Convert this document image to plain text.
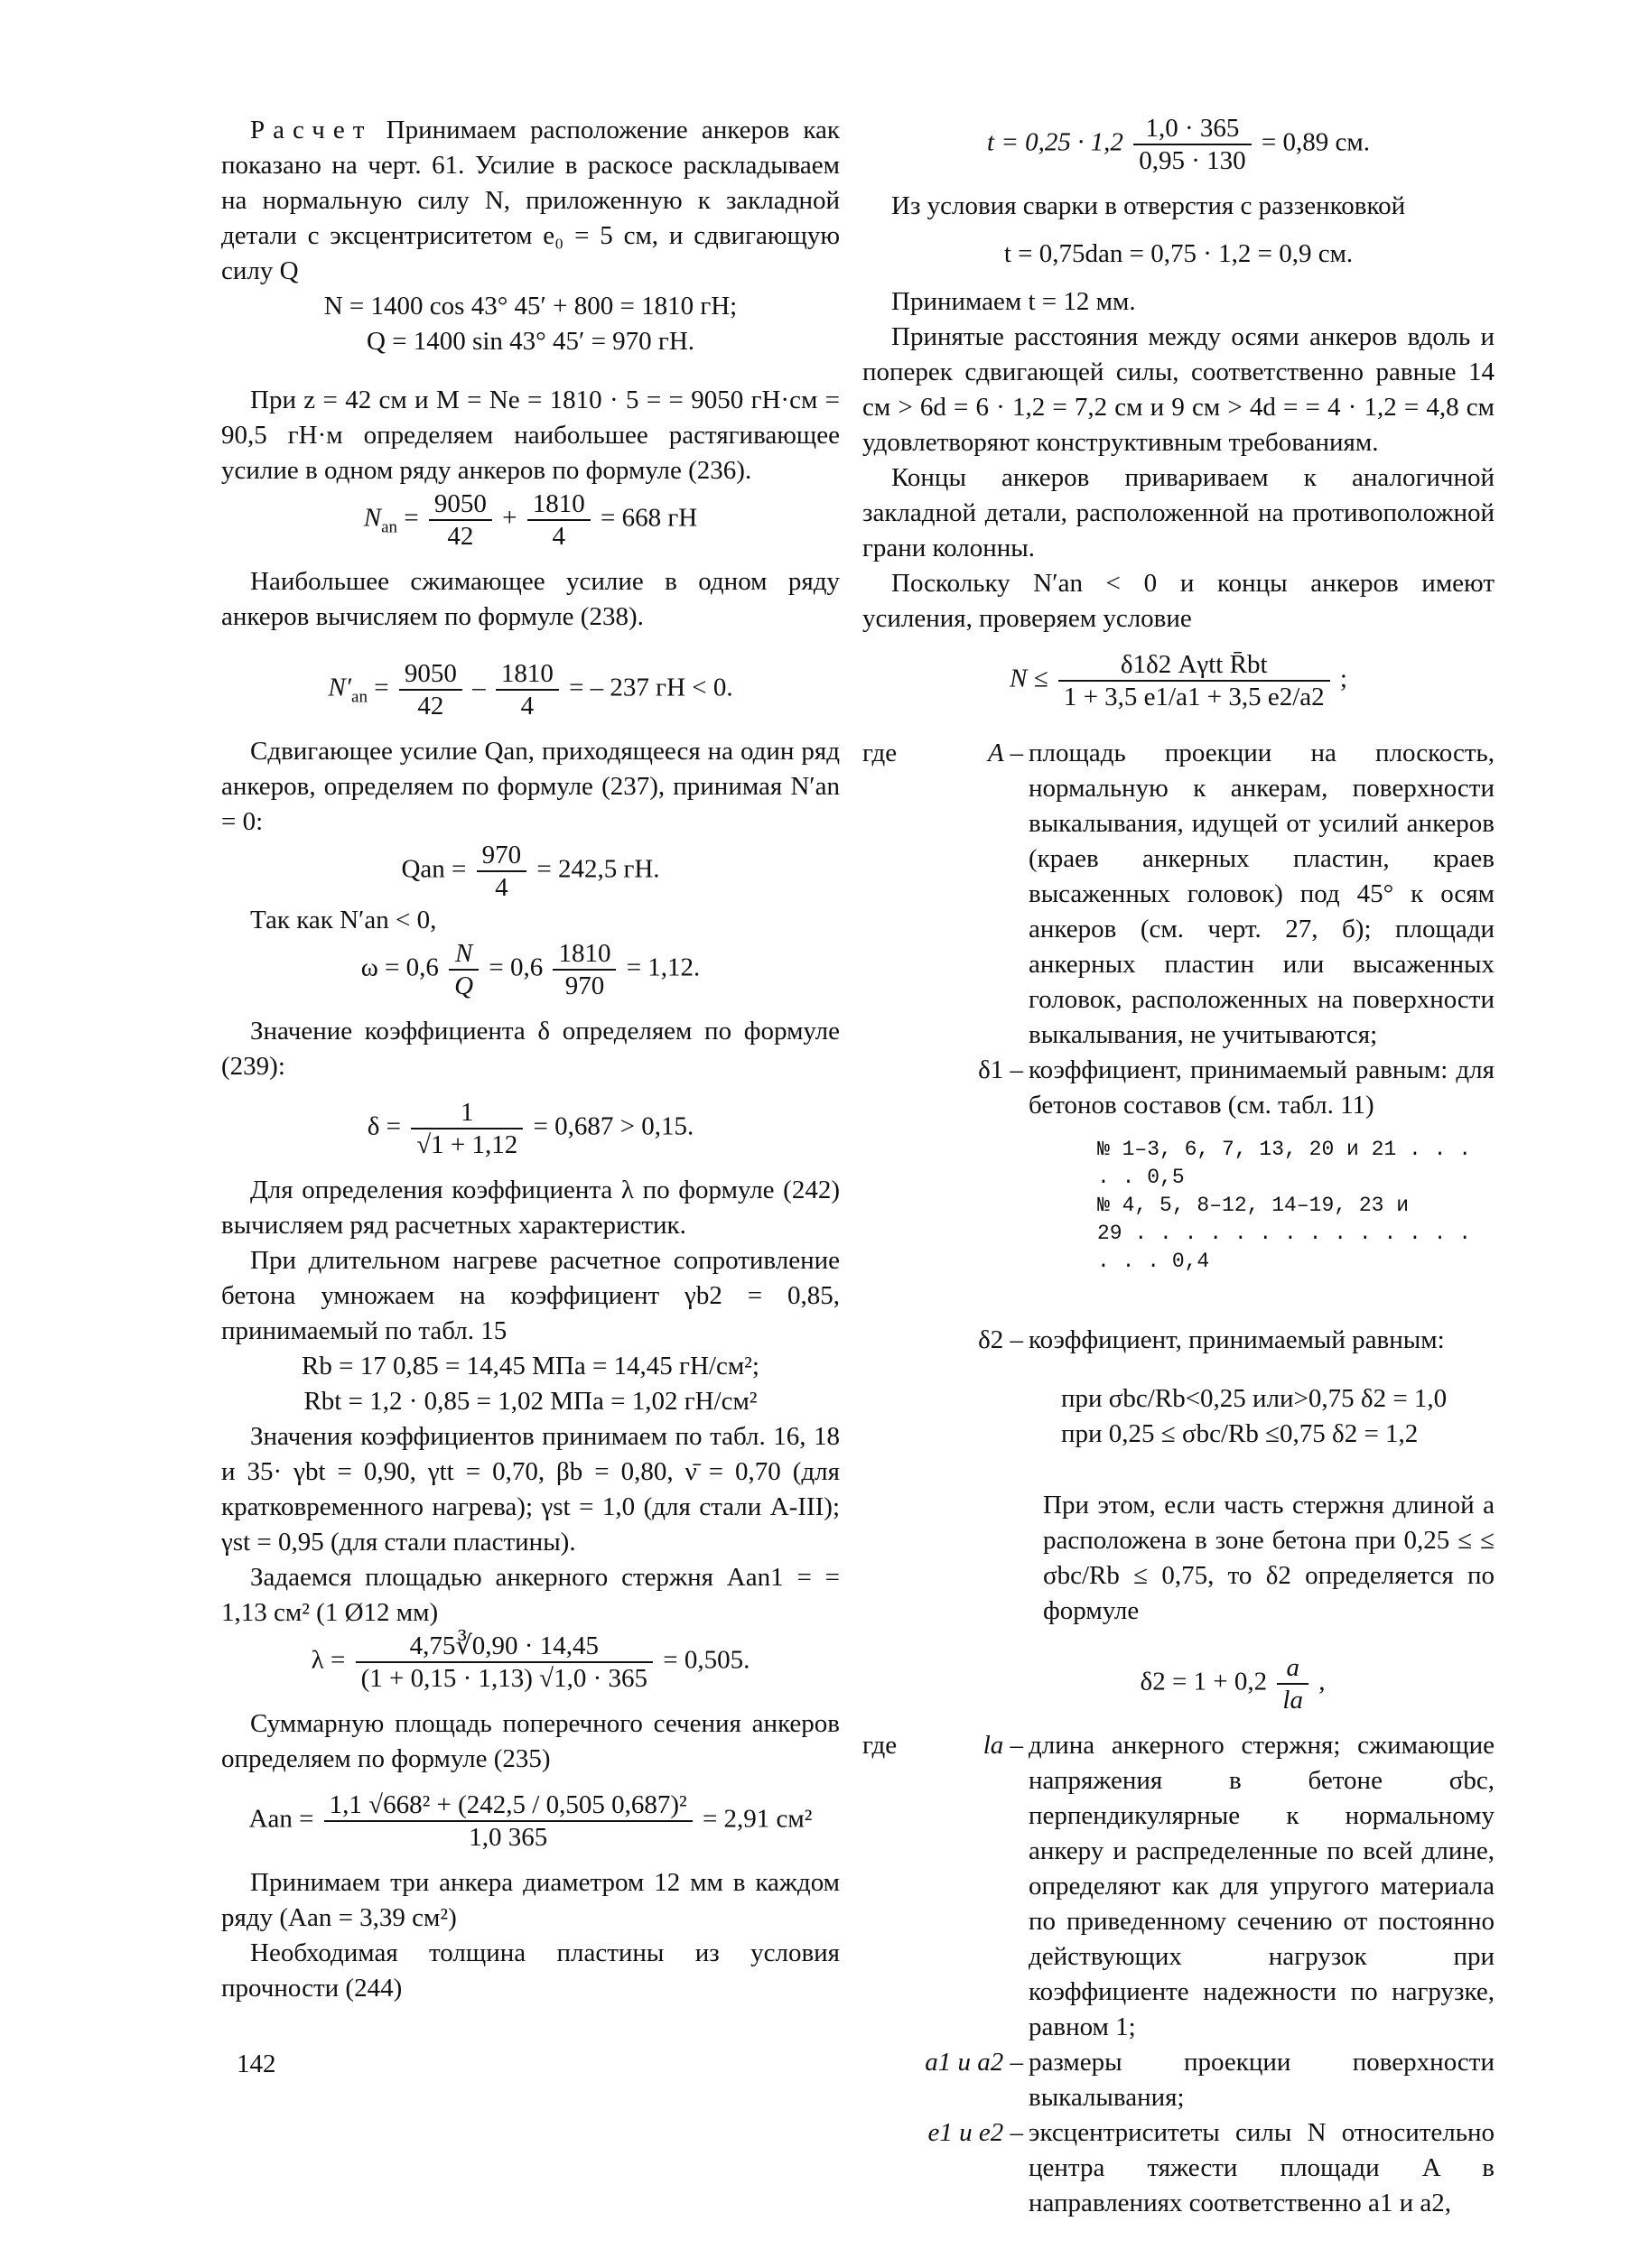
Расчет Принимаем расположение анкеров как показано на черт. 61. Усилие в раскосе раскладываем на нормальную силу N, приложенную к закладной детали с эксцентриситетом e₀ = 5 см, и сдвигающую силу Q

N = 1400 cos 43° 45′ + 800 = 1810 гН;
Q = 1400 sin 43° 45′ = 970 гН.

При z = 42 см и M = Ne = 1810 · 5 = = 9050 гН·см = 90,5 гН·м определяем наибольшее растягивающее усилие в одном ряду анкеров по формуле (236).

$N_{an} = \frac{9050}{42} + \frac{1810}{4} = 668$ гН

Наибольшее сжимающее усилие в одном ряду анкеров вычисляем по формуле (238).

$N'_{an} = \frac{9050}{42} - \frac{1810}{4}$ = – 237 гН < 0.

Сдвигающее усилие Qan, приходящееся на один ряд анкеров, определяем по формуле (237), принимая N′an = 0:

Qan = $\frac{970}{4} = 242,5$ гН.

Так как N′an < 0,

$\omega = 0,6 \frac{N}{Q} = 0,6 \frac{1810}{970} = 1,12$.

Значение коэффициента δ определяем по формуле (239):

$\delta = \frac{1}{√1 + 1,12} = 0,687 > 0,15$.

Для определения коэффициента λ по формуле (242) вычисляем ряд расчетных характеристик.

При длительном нагреве расчетное сопротивление бетона умножаем на коэффициент γb2 = 0,85, принимаемый по табл. 15

Rb = 17 0,85 = 14,45 МПа = 14,45 гН/см²;
Rbt = 1,2 · 0,85 = 1,02 МПа = 1,02 гН/см²

Значения коэффициентов принимаем по табл. 16, 18 и 35· γbt = 0,90, γtt = 0,70, βb = 0,80, ν̄ = 0,70 (для кратковременного нагрева); γst = 1,0 (для стали А-III); γst = 0,95 (для стали пластины).

Задаемся площадью анкерного стержня Aan1 = = 1,13 см² (1 Ø12 мм)

$\lambda = \frac{4,75∛0,90 \cdot 14,45}{(1 + 0,15 \cdot 1,13) √1,0 \cdot 365} = 0,505$.

Суммарную площадь поперечного сечения анкеров определяем по формуле (235)

Aan = $\frac{\text{1,1 √668² + (242,5 / 0,505 0,687)²}}{1,0 365} = 2,91$ см²

Принимаем три анкера диаметром 12 мм в каждом ряду (Aan = 3,39 см²)

Необходимая толщина пластины из условия прочности (244)

$t = 0,25 \cdot 1,2 \frac{1,0 \cdot 365}{0,95 \cdot 130} = 0,89$ см.

Из условия сварки в отверстия с раззенковкой

t = 0,75dan = 0,75 · 1,2 = 0,9 см.

Принимаем t = 12 мм.

Принятые расстояния между осями анкеров вдоль и поперек сдвигающей силы, соответственно равные 14 см > 6d = 6 · 1,2 = 7,2 см и 9 см > 4d = = 4 · 1,2 = 4,8 см удовлетворяют конструктивным требованиям.

Концы анкеров привариваем к аналогичной закладной детали, расположенной на противоположной грани колонны.

Поскольку N′an < 0 и концы анкеров имеют усиления, проверяем условие

$N \le \frac{\text{δ1δ2 Aγtt R̄bt}}{1 + 3,5 e1/a1 + 3,5 e2/a2}$ ;
где	A – площадь проекции на плоскость, нормальную к анкерам, поверхности выкалывания, идущей от усилий анкеров (краев анкерных пластин, краев высаженных головок) под 45° к осям анкеров (см. черт. 27, б); площади анкерных пластин или высаженных головок, расположенных на поверхности выкалывания, не учитываются;
δ1 – коэффициент, принимаемый равным: для бетонов составов (см. табл. 11)
№ 1–3, 6, 7, 13, 20 и 21 . . . . . 0,5
№ 4, 5, 8–12, 14–19, 23 и
29 . . . . . . . . . . . . . . . . . 0,4
δ2 – коэффициент, принимаемый равным:
при σbc/Rb<0,25 или>0,75 δ2 = 1,0
при 0,25 ≤ σbc/Rb ≤0,75 δ2 = 1,2

При этом, если часть стержня длиной a расположена в зоне бетона при 0,25 ≤ ≤ σbc/Rb ≤ 0,75, то δ2 определяется по формуле

$\delta 2 = 1 + 0,2 \frac{a}{la}$ ,
где	la – длина анкерного стержня; сжимающие напряжения в бетоне σbc, перпендикулярные к нормальному анкеру и распределенные по всей длине, определяют как для упругого материала по приведенному сечению от постоянно действующих нагрузок при коэффициенте надежности по нагрузке, равном 1;
a1 и a2 – размеры проекции поверхности выкалывания;
e1 и e2 – эксцентриситеты силы N относительно центра тяжести площади A в направлениях соответственно a1 и a2,
142
